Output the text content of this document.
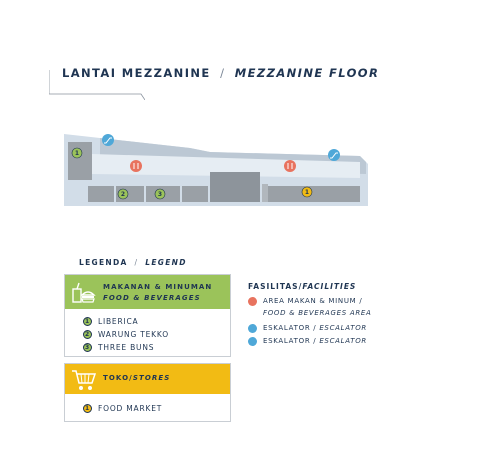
LANTAI MEZZANINE / MEZZANINE FLOOR
1
2	3	1
LEGENDA / LEGEND
MAKANAN & MINUMAN
FOOD & BEVERAGES
1 LIBERICA
2 WARUNG TEKKO
3 THREE BUNS
TOKO/STORES
1 FOOD MARKET
FASILITAS/FACILITIES
AREA MAKAN & MINUM /
FOOD & BEVERAGES AREA
ESKALATOR / ESCALATOR
ESKALATOR / ESCALATOR
